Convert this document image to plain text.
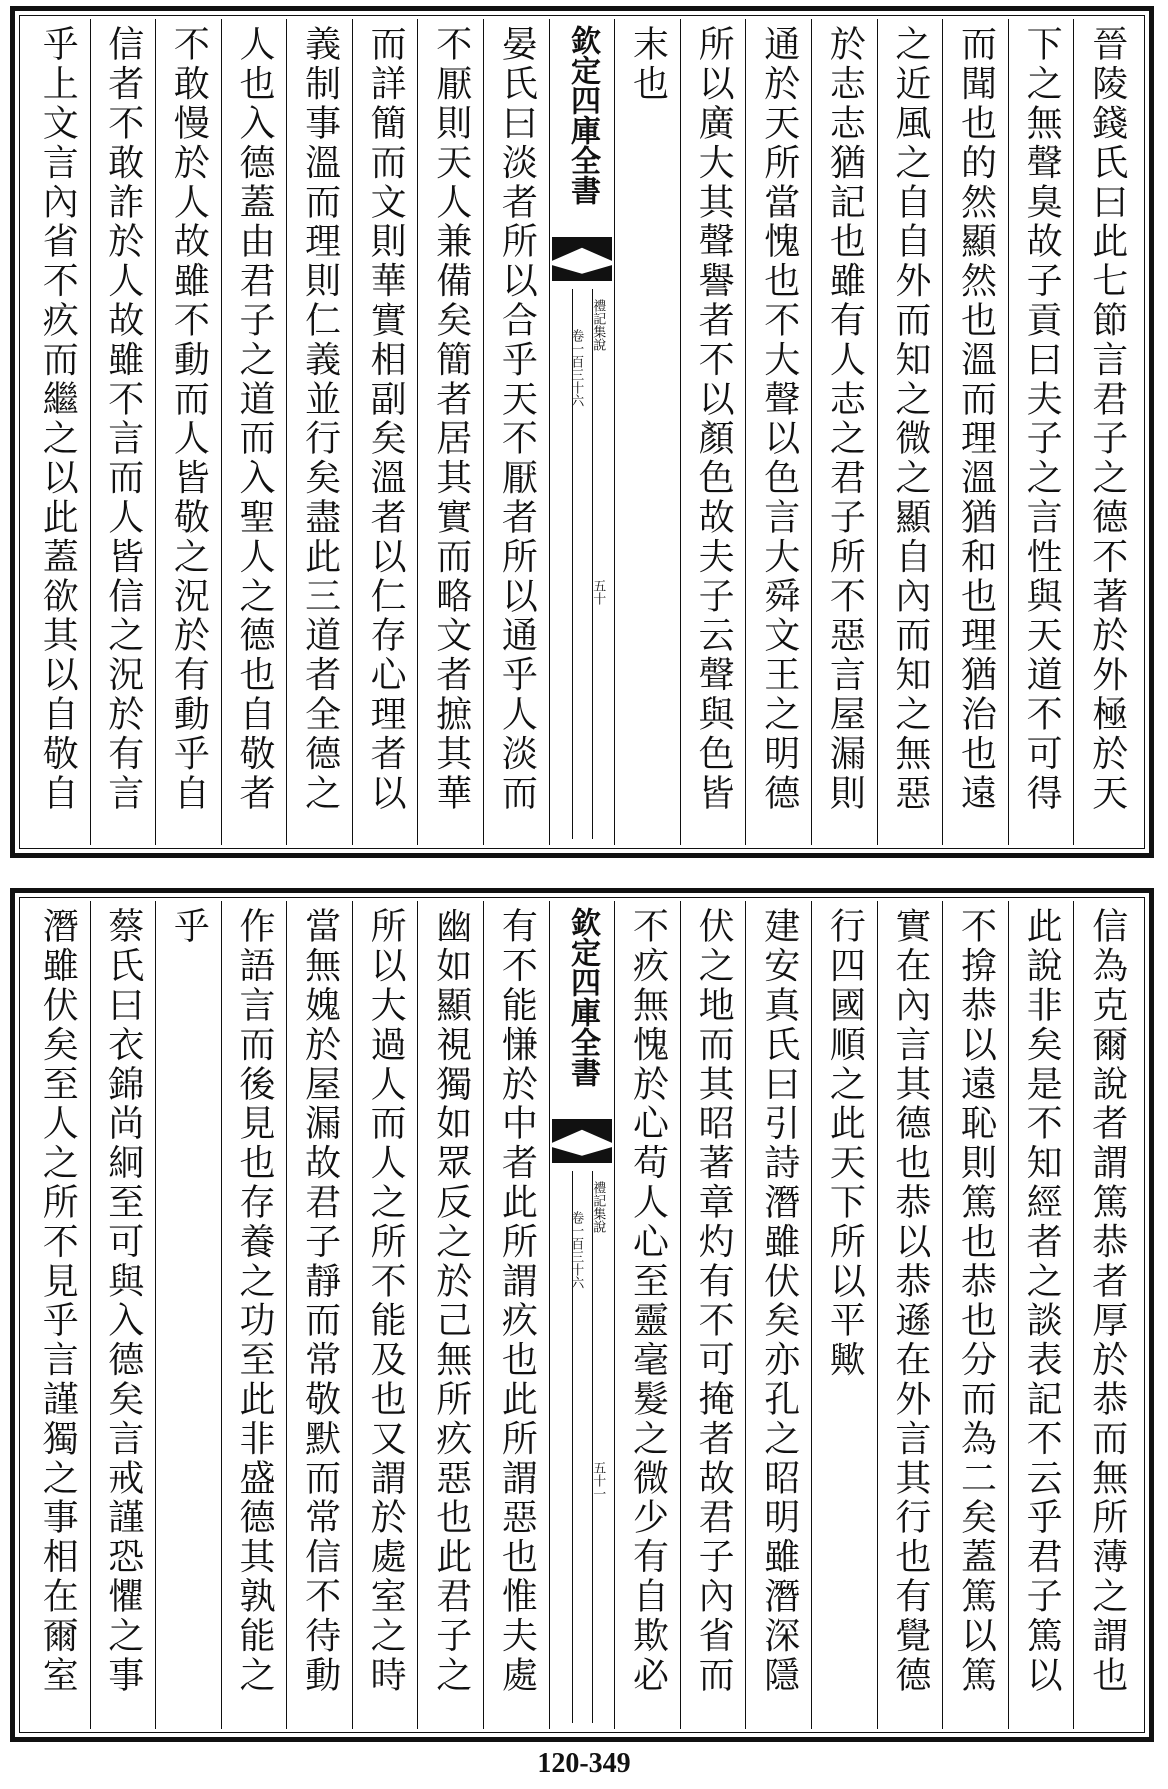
晉陵錢氏曰此七節言君子之德不著於外極於天
下之無聲臭故子貢曰夫子之言性與天道不可得
而聞也的然顯然也溫而理溫猶和也理猶治也遠
之近風之自自外而知之微之顯自內而知之無惡
於志志猶記也雖有人志之君子所不惡言屋漏則
通於天所當愧也不大聲以色言大舜文王之明德
所以廣大其聲譽者不以顏色故夫子云聲與色皆
末也
欽定四庫全書
禮記集說
卷一百三十六
五十
晏氏曰淡者所以合乎天不厭者所以通乎人淡而
不厭則天人兼備矣簡者居其實而略文者摭其華
而詳簡而文則華實相副矣溫者以仁存心理者以
義制事溫而理則仁義並行矣盡此三道者全德之
人也入德蓋由君子之道而入聖人之德也自敬者
不敢慢於人故雖不動而人皆敬之況於有動乎自
信者不敢詐於人故雖不言而人皆信之況於有言
乎上文言內省不疚而繼之以此蓋欲其以自敬自
信為克爾說者謂篤恭者厚於恭而無所薄之謂也
此說非矣是不知經者之談表記不云乎君子篤以
不揜恭以遠恥則篤也恭也分而為二矣蓋篤以篤
實在內言其德也恭以恭遜在外言其行也有覺德
行四國順之此天下所以平歟
建安真氏曰引詩潛雖伏矣亦孔之昭明雖潛深隱
伏之地而其昭著章灼有不可掩者故君子內省而
不疚無愧於心苟人心至靈毫髮之微少有自欺必
欽定四庫全書
禮記集說
卷一百三十六
五十一
有不能慊於中者此所謂疚也此所謂惡也惟夫處
幽如顯視獨如眾反之於己無所疚惡也此君子之
所以大過人而人之所不能及也又謂於處室之時
當無媿於屋漏故君子靜而常敬默而常信不待動
作語言而後見也存養之功至此非盛德其孰能之
乎
蔡氏曰衣錦尚絅至可與入德矣言戒謹恐懼之事
潛雖伏矣至人之所不見乎言謹獨之事相在爾室
120-349
